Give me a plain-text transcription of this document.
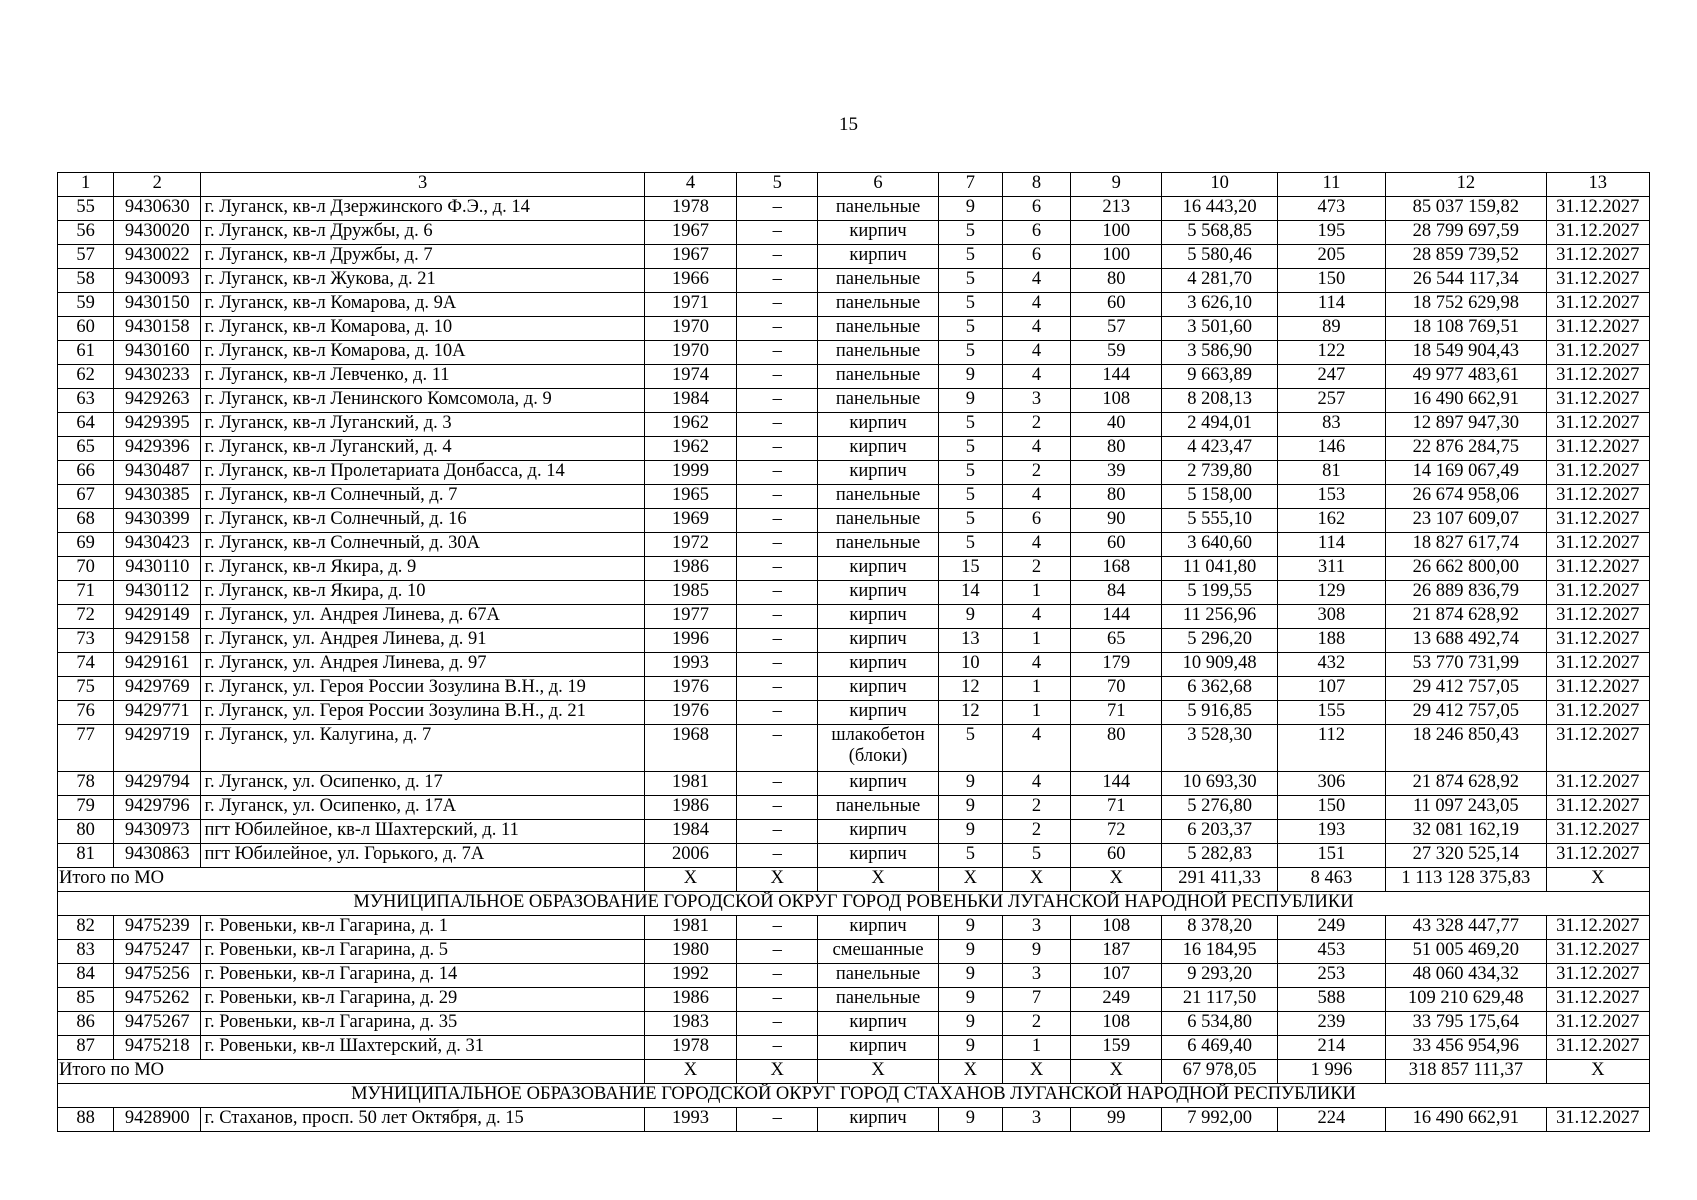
15
1	2	3	4	5	6	7	8	9	10	11	12	13
55	9430630	г. Луганск, кв-л Дзержинского Ф.Э., д. 14	1978	–	панельные	9	6	213	16 443,20	473	85 037 159,82	31.12.2027
56	9430020	г. Луганск, кв-л Дружбы, д. 6	1967	–	кирпич	5	6	100	5 568,85	195	28 799 697,59	31.12.2027
57	9430022	г. Луганск, кв-л Дружбы, д. 7	1967	–	кирпич	5	6	100	5 580,46	205	28 859 739,52	31.12.2027
58	9430093	г. Луганск, кв-л Жукова, д. 21	1966	–	панельные	5	4	80	4 281,70	150	26 544 117,34	31.12.2027
59	9430150	г. Луганск, кв-л Комарова, д. 9А	1971	–	панельные	5	4	60	3 626,10	114	18 752 629,98	31.12.2027
60	9430158	г. Луганск, кв-л Комарова, д. 10	1970	–	панельные	5	4	57	3 501,60	89	18 108 769,51	31.12.2027
61	9430160	г. Луганск, кв-л Комарова, д. 10А	1970	–	панельные	5	4	59	3 586,90	122	18 549 904,43	31.12.2027
62	9430233	г. Луганск, кв-л Левченко, д. 11	1974	–	панельные	9	4	144	9 663,89	247	49 977 483,61	31.12.2027
63	9429263	г. Луганск, кв-л Ленинского Комсомола, д. 9	1984	–	панельные	9	3	108	8 208,13	257	16 490 662,91	31.12.2027
64	9429395	г. Луганск, кв-л Луганский, д. 3	1962	–	кирпич	5	2	40	2 494,01	83	12 897 947,30	31.12.2027
65	9429396	г. Луганск, кв-л Луганский, д. 4	1962	–	кирпич	5	4	80	4 423,47	146	22 876 284,75	31.12.2027
66	9430487	г. Луганск, кв-л Пролетариата Донбасса, д. 14	1999	–	кирпич	5	2	39	2 739,80	81	14 169 067,49	31.12.2027
67	9430385	г. Луганск, кв-л Солнечный, д. 7	1965	–	панельные	5	4	80	5 158,00	153	26 674 958,06	31.12.2027
68	9430399	г. Луганск, кв-л Солнечный, д. 16	1969	–	панельные	5	6	90	5 555,10	162	23 107 609,07	31.12.2027
69	9430423	г. Луганск, кв-л Солнечный, д. 30А	1972	–	панельные	5	4	60	3 640,60	114	18 827 617,74	31.12.2027
70	9430110	г. Луганск, кв-л Якира, д. 9	1986	–	кирпич	15	2	168	11 041,80	311	26 662 800,00	31.12.2027
71	9430112	г. Луганск, кв-л Якира, д. 10	1985	–	кирпич	14	1	84	5 199,55	129	26 889 836,79	31.12.2027
72	9429149	г. Луганск, ул. Андрея Линева, д. 67А	1977	–	кирпич	9	4	144	11 256,96	308	21 874 628,92	31.12.2027
73	9429158	г. Луганск, ул. Андрея Линева, д. 91	1996	–	кирпич	13	1	65	5 296,20	188	13 688 492,74	31.12.2027
74	9429161	г. Луганск, ул. Андрея Линева, д. 97	1993	–	кирпич	10	4	179	10 909,48	432	53 770 731,99	31.12.2027
75	9429769	г. Луганск, ул. Героя России Зозулина В.Н., д. 19	1976	–	кирпич	12	1	70	6 362,68	107	29 412 757,05	31.12.2027
76	9429771	г. Луганск, ул. Героя России Зозулина В.Н., д. 21	1976	–	кирпич	12	1	71	5 916,85	155	29 412 757,05	31.12.2027
77	9429719	г. Луганск, ул. Калугина, д. 7	1968	–	шлакобетон (блоки)	5	4	80	3 528,30	112	18 246 850,43	31.12.2027
78	9429794	г. Луганск, ул. Осипенко, д. 17	1981	–	кирпич	9	4	144	10 693,30	306	21 874 628,92	31.12.2027
79	9429796	г. Луганск, ул. Осипенко, д. 17А	1986	–	панельные	9	2	71	5 276,80	150	11 097 243,05	31.12.2027
80	9430973	пгт Юбилейное, кв-л Шахтерский, д. 11	1984	–	кирпич	9	2	72	6 203,37	193	32 081 162,19	31.12.2027
81	9430863	пгт Юбилейное, ул. Горького, д. 7А	2006	–	кирпич	5	5	60	5 282,83	151	27 320 525,14	31.12.2027
Итого по МО			X	X	X	X	X	X	291 411,33	8 463	1 113 128 375,83	X
МУНИЦИПАЛЬНОЕ ОБРАЗОВАНИЕ ГОРОДСКОЙ ОКРУГ ГОРОД РОВЕНЬКИ ЛУГАНСКОЙ НАРОДНОЙ РЕСПУБЛИКИ												
82	9475239	г. Ровеньки, кв-л Гагарина, д. 1	1981	–	кирпич	9	3	108	8 378,20	249	43 328 447,77	31.12.2027
83	9475247	г. Ровеньки, кв-л Гагарина, д. 5	1980	–	смешанные	9	9	187	16 184,95	453	51 005 469,20	31.12.2027
84	9475256	г. Ровеньки, кв-л Гагарина, д. 14	1992	–	панельные	9	3	107	9 293,20	253	48 060 434,32	31.12.2027
85	9475262	г. Ровеньки, кв-л Гагарина, д. 29	1986	–	панельные	9	7	249	21 117,50	588	109 210 629,48	31.12.2027
86	9475267	г. Ровеньки, кв-л Гагарина, д. 35	1983	–	кирпич	9	2	108	6 534,80	239	33 795 175,64	31.12.2027
87	9475218	г. Ровеньки, кв-л Шахтерский, д. 31	1978	–	кирпич	9	1	159	6 469,40	214	33 456 954,96	31.12.2027
Итого по МО			X	X	X	X	X	X	67 978,05	1 996	318 857 111,37	X
МУНИЦИПАЛЬНОЕ ОБРАЗОВАНИЕ ГОРОДСКОЙ ОКРУГ ГОРОД СТАХАНОВ ЛУГАНСКОЙ НАРОДНОЙ РЕСПУБЛИКИ												
88	9428900	г. Стаханов, просп. 50 лет Октября, д. 15	1993	–	кирпич	9	3	99	7 992,00	224	16 490 662,91	31.12.2027
